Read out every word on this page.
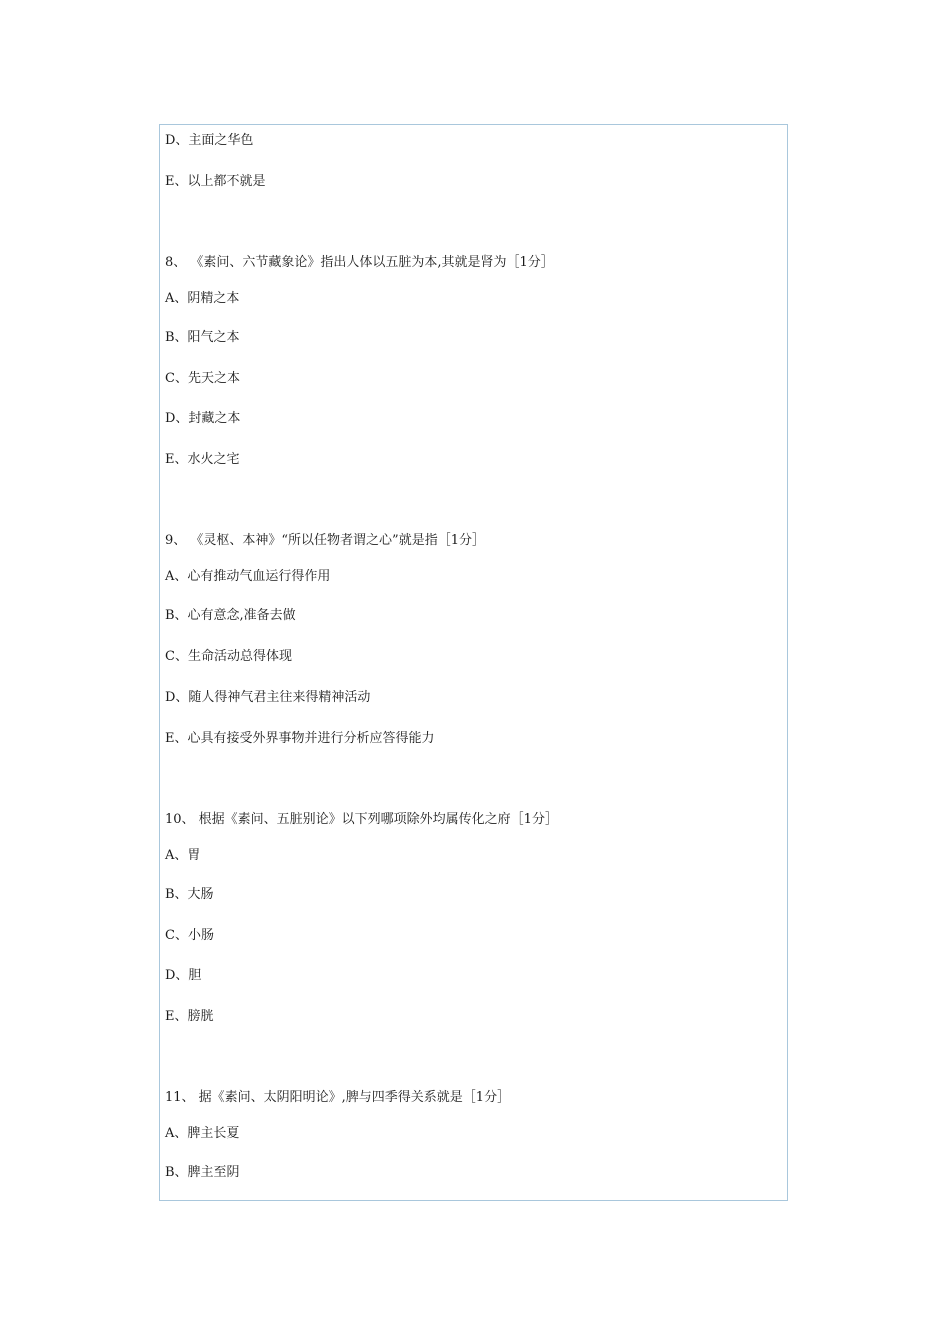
D、主面之华色
E、以上都不就是
8、 《素问、六节藏象论》指出人体以五脏为本,其就是肾为［1分］
A、阴精之本
B、阳气之本
C、先天之本
D、封藏之本
E、水火之宅
9、 《灵枢、本神》“所以任物者谓之心”就是指［1分］
A、心有推动气血运行得作用
B、心有意念,准备去做
C、生命活动总得体现
D、随人得神气君主往来得精神活动
E、心具有接受外界事物并进行分析应答得能力
10、 根据《素问、五脏别论》以下列哪项除外均属传化之府［1分］
A、胃
B、大肠
C、小肠
D、胆
E、膀胱
11、 据《素问、太阴阳明论》,脾与四季得关系就是［1分］
A、脾主长夏
B、脾主至阴
